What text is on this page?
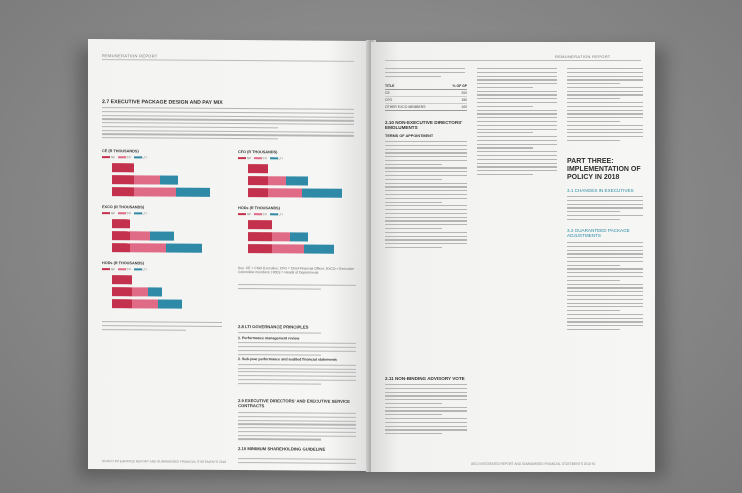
REMUNERATION REPORT
2.7 EXECUTIVE PACKAGE DESIGN AND PAY MIX
CE (R THOUSANDS)
GP	STI	LTI
CFO (R THOUSANDS)
GP	STI	LTI
EXCO (R THOUSANDS)
GP	STI	LTI
HODs (R THOUSANDS)
GP	STI	LTI
HODs (R THOUSANDS)
GP	STI	LTI	Key: CE = Chief Executive; CFO = Chief Financial Officer; EXCO = Executive Committee members; HODs = Heads of Departments
2.8 LTI GOVERNANCE PRINCIPLES
1. Performance management review
2. Sub-year performance and audited financial statements
2.9 EXECUTIVE DIRECTORS' AND EXECUTIVE SERVICE CONTRACTS
2.10 MINIMUM SHAREHOLDING GUIDELINE
90 AECI INTEGRATED REPORT AND SUMMARISED FINANCIAL STATEMENTS 2018
REMUNERATION REPORT
TITLE	% OF GP
CE	200
CFO	150
OTHER EXCO MEMBERS	100
2.10 NON-EXECUTIVE DIRECTORS' EMOLUMENTS
TERMS OF APPOINTMENT
2.11 NON-BINDING ADVISORY VOTE
PART THREE: IMPLEMENTATION OF POLICY IN 2018
3.1 CHANGES IN EXECUTIVES
3.2 GUARANTEED PACKAGE ADJUSTMENTS
AECI INTEGRATED REPORT AND SUMMARISED FINANCIAL STATEMENTS 2018 91
